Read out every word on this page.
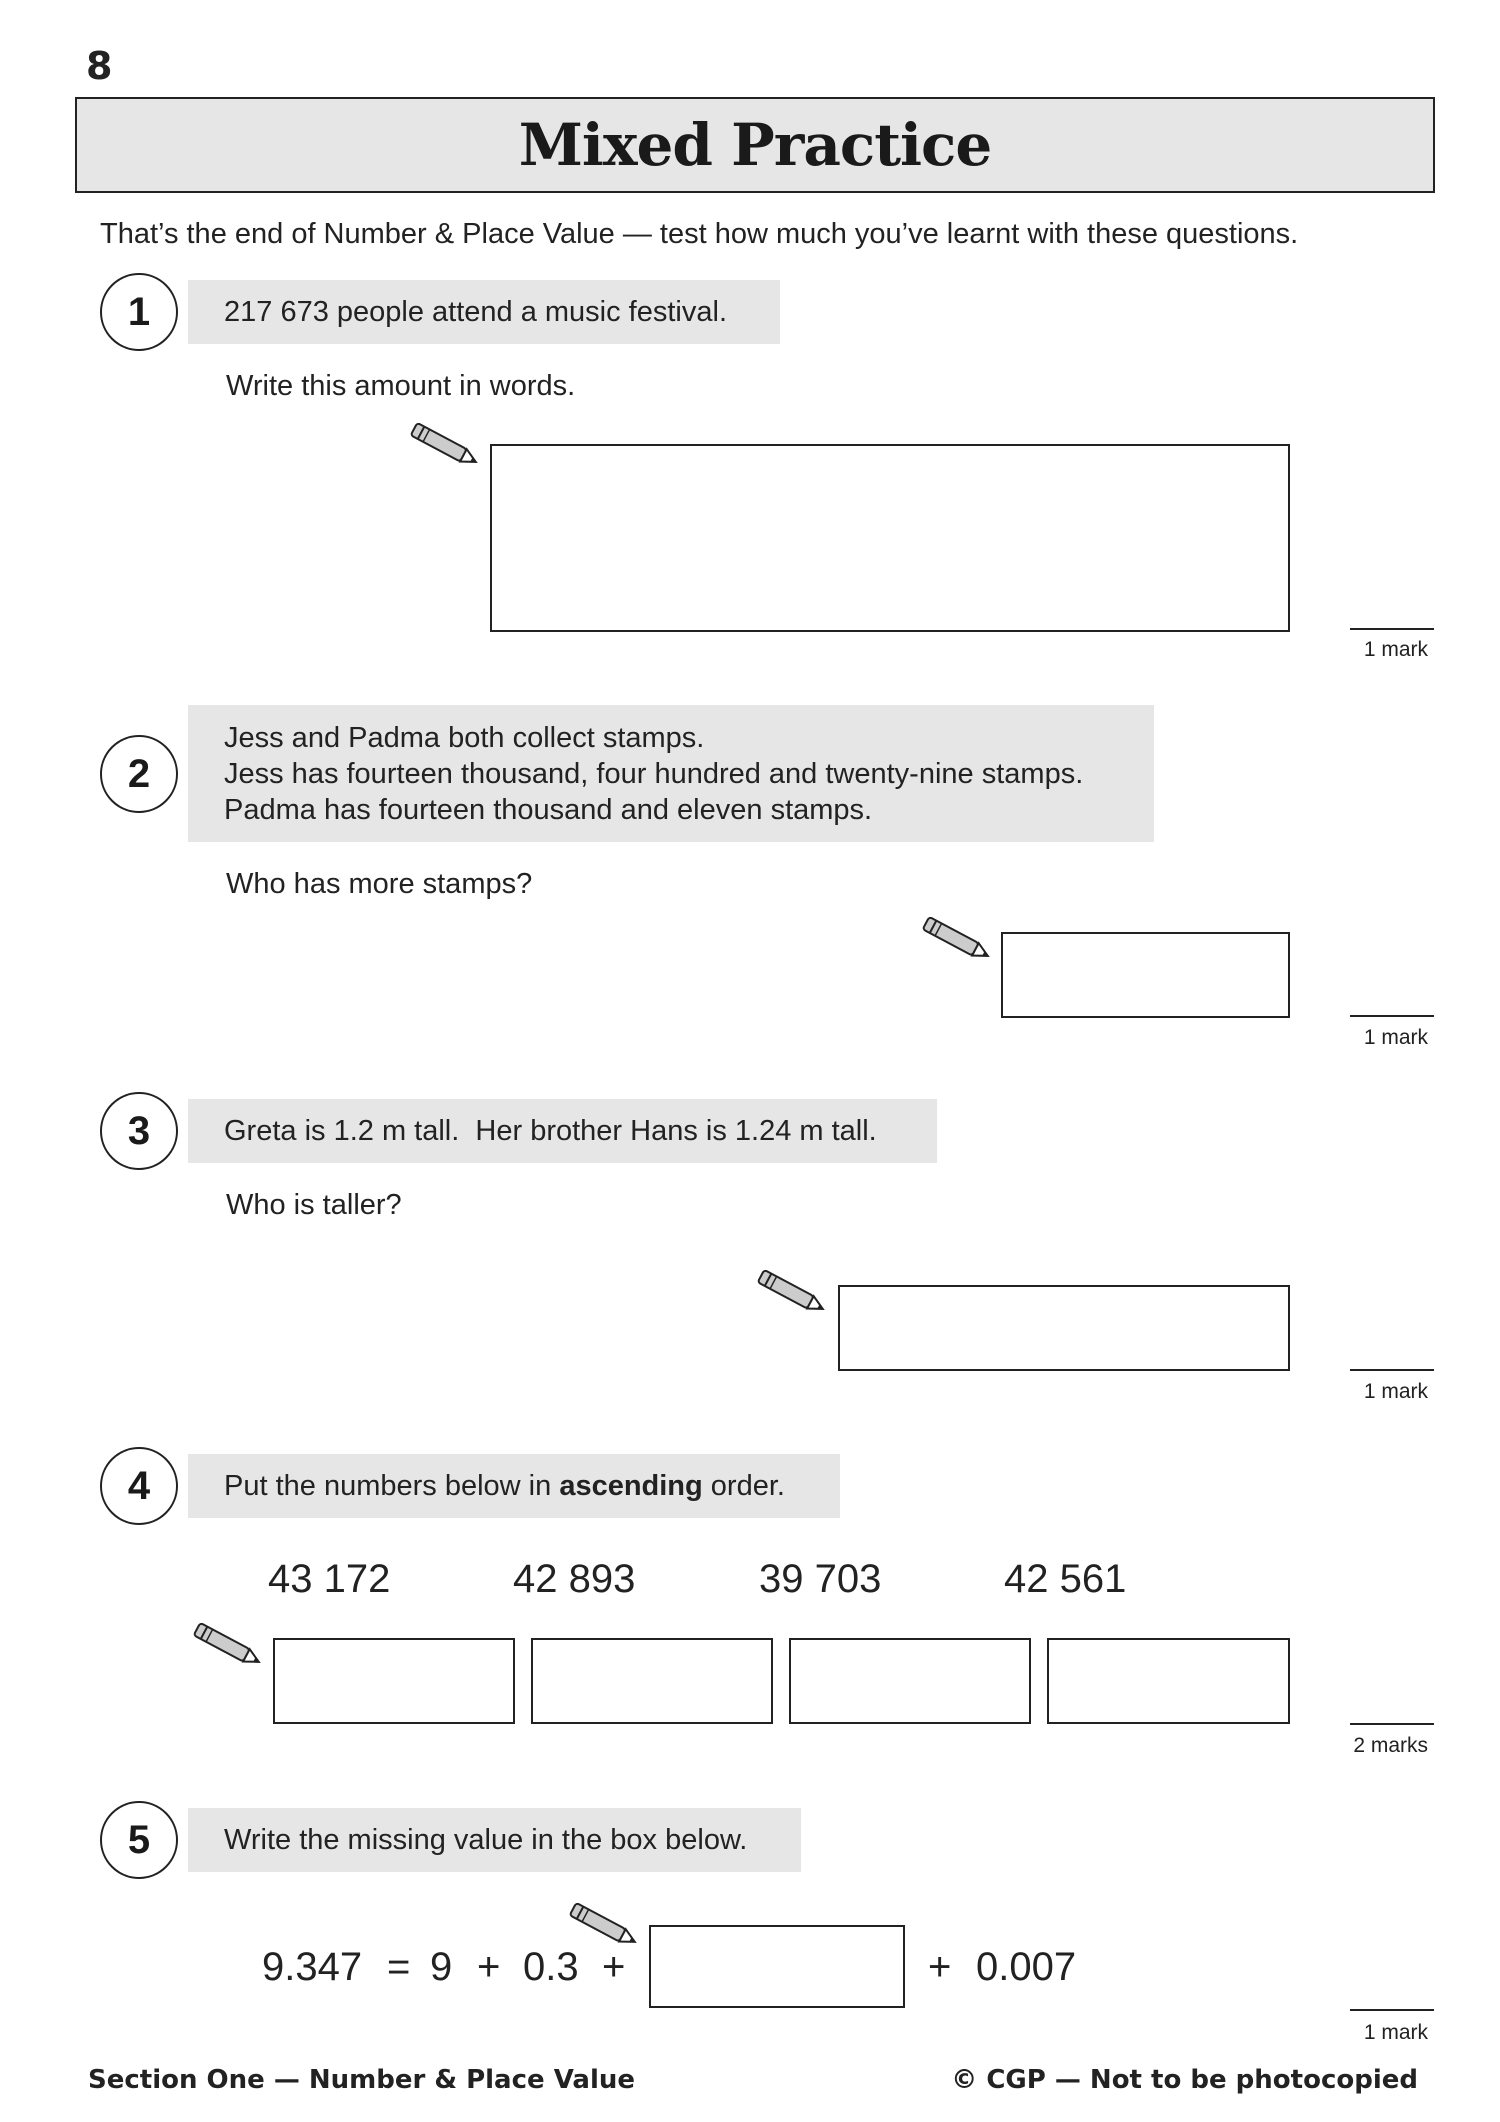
8
Mixed Practice
That’s the end of Number & Place Value — test how much you’ve learnt with these questions.
1	217 673 people attend a music festival.
Write this amount in words.
1 mark
2
Jess and Padma both collect stamps.
Jess has fourteen thousand, four hundred and twenty-nine stamps.
Padma has fourteen thousand and eleven stamps.
Who has more stamps?
1 mark
3	Greta is 1.2 m tall.  Her brother Hans is 1.24 m tall.
Who is taller?
1 mark
4	Put the numbers below in ascending order.
43 172	42 893	39 703	42 561
2 marks
5	Write the missing value in the box below.
9.347 = 9 + 0.3 +	+ 0.007
1 mark
Section One — Number & Place Value	© CGP — Not to be photocopied
